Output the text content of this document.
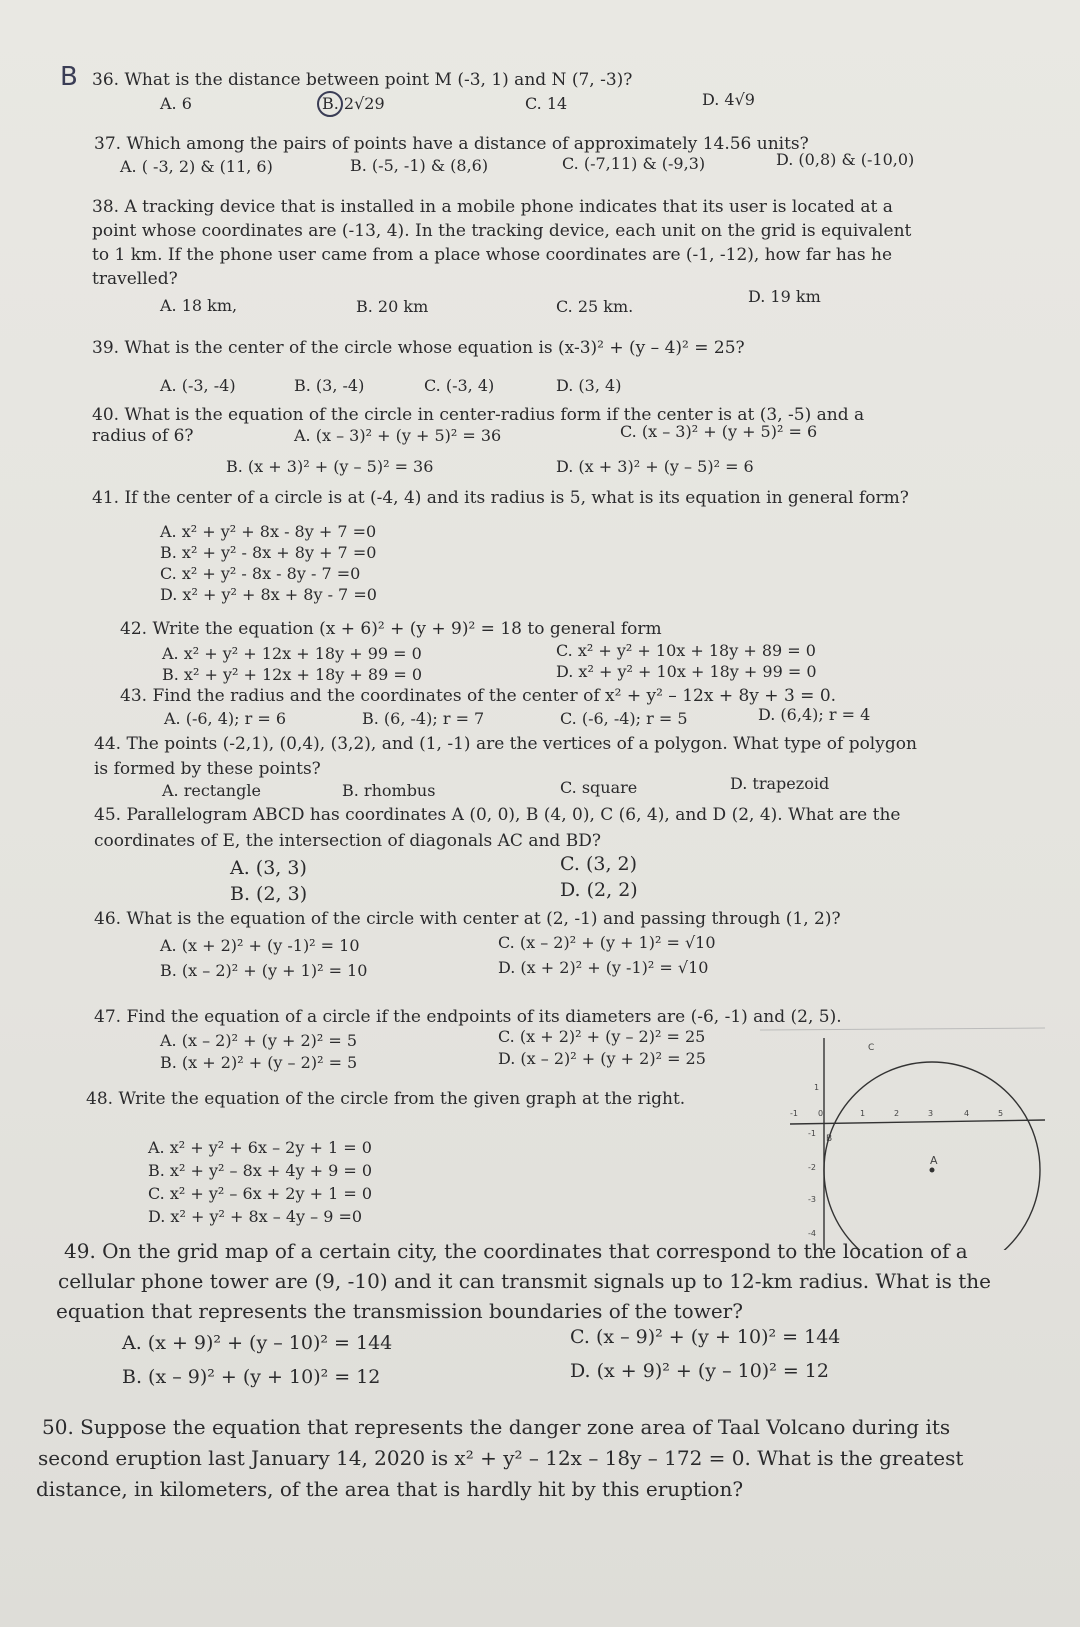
B 36. What is the distance between point M (-3, 1) and N (7, -3)?
A. 6	B. 2√29	C. 14	D. 4√9
37. Which among the pairs of points have a distance of approximately 14.56 units?
A. ( -3, 2) & (11, 6)	B. (-5, -1) & (8,6)	C. (-7,11) & (-9,3)	D. (0,8) & (-10,0)
38. A tracking device that is installed in a mobile phone indicates that its user is located at a
point whose coordinates are (-13, 4). In the tracking device, each unit on the grid is equivalent
to 1 km. If the phone user came from a place whose coordinates are (-1, -12), how far has he
travelled?
A. 18 km,	B. 20 km	C. 25 km.
D. 19 km
39. What is the center of the circle whose equation is (x-3)² + (y – 4)² = 25?
A. (-3, -4)	B. (3, -4)	C. (-3, 4)	D. (3, 4)
40. What is the equation of the circle in center-radius form if the center is at (3, -5) and a
radius of 6?	A. (x – 3)² + (y + 5)² = 36	C. (x – 3)² + (y + 5)² = 6
B. (x + 3)² + (y – 5)² = 36	D. (x + 3)² + (y – 5)² = 6
41. If the center of a circle is at (-4, 4) and its radius is 5, what is its equation in general form?
A. x² + y² + 8x - 8y + 7 =0
B. x² + y² - 8x + 8y + 7 =0
C. x² + y² - 8x - 8y - 7 =0
D. x² + y² + 8x + 8y - 7 =0
42. Write the equation (x + 6)² + (y + 9)² = 18 to general form
A. x² + y² + 12x + 18y + 99 = 0	C. x² + y² + 10x + 18y + 89 = 0
B. x² + y² + 12x + 18y + 89 = 0	D. x² + y² + 10x + 18y + 99 = 0
43. Find the radius and the coordinates of the center of x² + y² – 12x + 8y + 3 = 0.
A. (-6, 4); r = 6	B. (6, -4); r = 7	C. (-6, -4); r = 5	D. (6,4); r = 4
44. The points (-2,1), (0,4), (3,2), and (1, -1) are the vertices of a polygon. What type of polygon
is formed by these points?
A. rectangle	B. rhombus	C. square	D. trapezoid
45. Parallelogram ABCD has coordinates A (0, 0), B (4, 0), C (6, 4), and D (2, 4). What are the
coordinates of E, the intersection of diagonals AC and BD?
A. (3, 3)	C. (3, 2)
B. (2, 3)	D. (2, 2)
46. What is the equation of the circle with center at (2, -1) and passing through (1, 2)?
A. (x + 2)² + (y -1)² = 10	C. (x – 2)² + (y + 1)² = √10
B. (x – 2)² + (y + 1)² = 10	D. (x + 2)² + (y -1)² = √10
47. Find the equation of a circle if the endpoints of its diameters are (-6, -1) and (2, 5).
A. (x – 2)² + (y + 2)² = 5	C. (x + 2)² + (y – 2)² = 25
B. (x + 2)² + (y – 2)² = 5	D. (x – 2)² + (y + 2)² = 25
48. Write the equation of the circle from the given graph at the right.
A. x² + y² + 6x – 2y + 1 = 0
B. x² + y² – 8x + 4y + 9 = 0
C. x² + y² – 6x + 2y + 1 = 0
D. x² + y² + 8x – 4y – 9 =0
A
B
C
-1	0	1	2	3	4	5
1
-1
-2
-3
-4
49. On the grid map of a certain city, the coordinates that correspond to the location of a
cellular phone tower are (9, -10) and it can transmit signals up to 12-km radius. What is the
equation that represents the transmission boundaries of the tower?
A. (x + 9)² + (y – 10)² = 144	C. (x – 9)² + (y + 10)² = 144
B. (x – 9)² + (y + 10)² = 12	D. (x + 9)² + (y – 10)² = 12
50. Suppose the equation that represents the danger zone area of Taal Volcano during its
second eruption last January 14, 2020 is x² + y² – 12x – 18y – 172 = 0. What is the greatest
distance, in kilometers, of the area that is hardly hit by this eruption?
